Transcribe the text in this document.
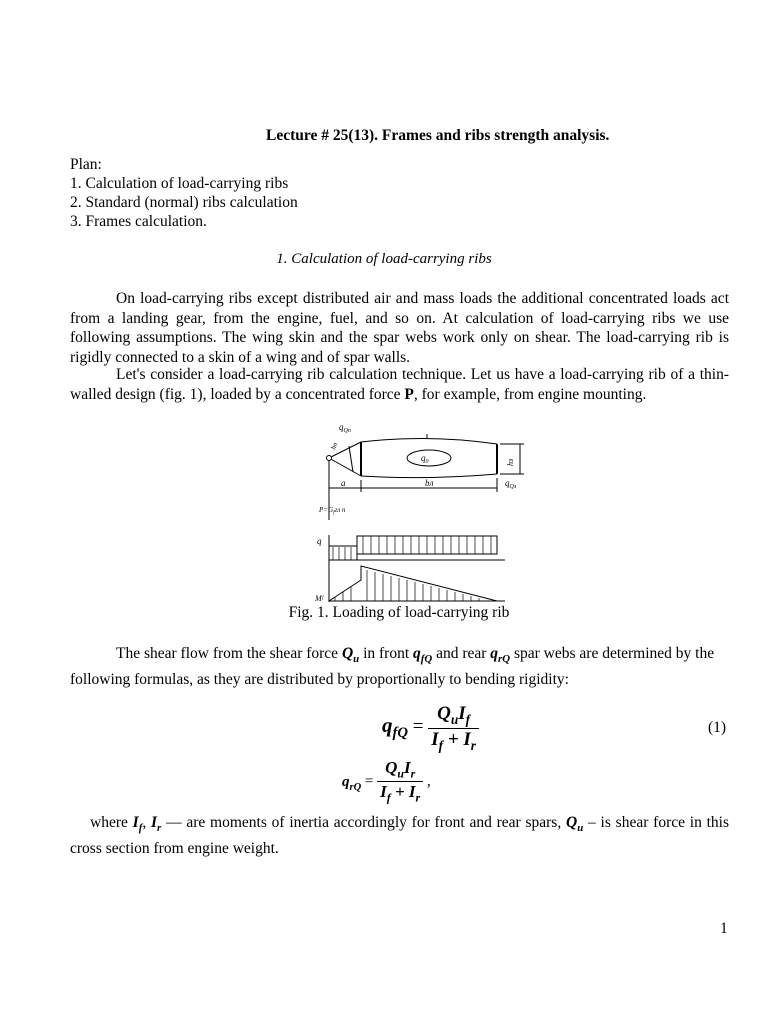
Lecture # 25(13). Frames and ribs strength analysis.
Plan:
1. Calculation of load-carrying ribs
2. Standard (normal) ribs calculation
3. Frames calculation.
1. Calculation of load-carrying ribs
On load-carrying ribs except distributed air and mass loads the additional concentrated loads act from a landing gear, from the engine, fuel, and so on. At calculation of load-carrying ribs we use following assumptions. The wing skin and the spar webs work only on shear. The load-carrying rib is rigidly connected to a skin of a wing and of spar walls.
Let's consider a load-carrying rib calculation technique. Let us have a load-carrying rib of a thin-walled design (fig. 1), loaded by a concentrated force P, for example, from engine mounting.
$q_{Qп}$
hп
$q_0$	hз
$q_{Qз}$
a	bл
$P=G_fгл$ n
q
Mᶠ
Fig. 1. Loading of load-carrying rib
The shear flow from the shear force $Q_u$ in front $q_{fQ}$ and rear $q_{rQ}$ spar webs are determined by the following formulas, as they are distributed by proportionally to bending rigidity:
$q_{fQ} = \frac{Q_uI_f}{I_f + I_r}$	(1)
$q_{rQ} = \frac{Q_uI_r}{I_f + I_r}$ ,
where $I_f$, $I_r$ — are moments of inertia accordingly for front and rear spars, $Q_u$ – is shear force in this cross section from engine weight.
1
